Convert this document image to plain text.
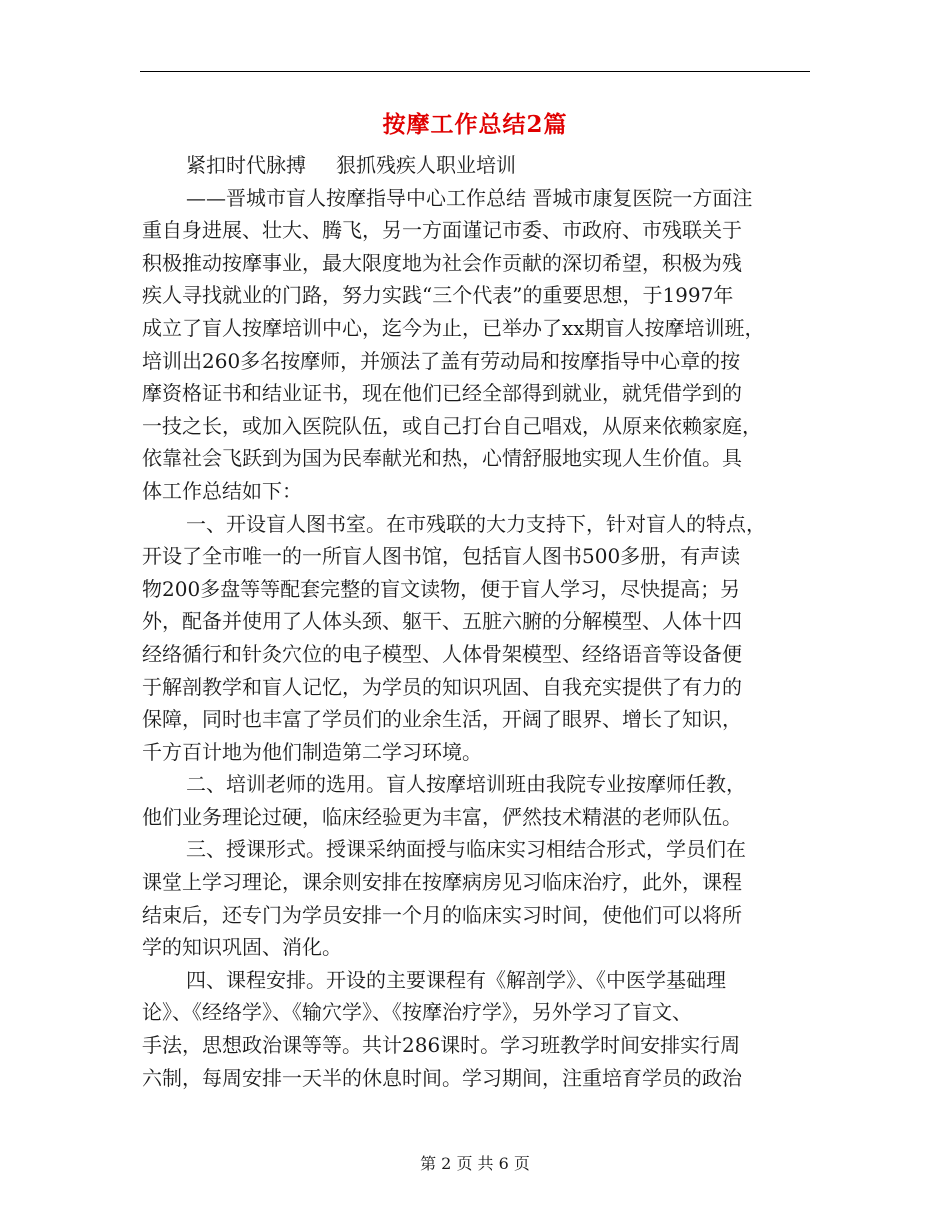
按摩工作总结2篇

紧扣时代脉搏 狠抓残疾人职业培训

——晋城市盲人按摩指导中心工作总结 晋城市康复医院一方面注

重自身进展、壮大、腾飞，另一方面谨记市委、市政府、市残联关于

积极推动按摩事业，最大限度地为社会作贡献的深切希望，积极为残

疾人寻找就业的门路，努力实践“三个代表”的重要思想，于1997年

成立了盲人按摩培训中心，迄今为止，已举办了xx期盲人按摩培训班，

培训出260多名按摩师，并颁法了盖有劳动局和按摩指导中心章的按

摩资格证书和结业证书，现在他们已经全部得到就业，就凭借学到的

一技之长，或加入医院队伍，或自己打台自己唱戏，从原来依赖家庭，

依靠社会飞跃到为国为民奉献光和热，心情舒服地实现人生价值。具

体工作总结如下：

一、开设盲人图书室。在市残联的大力支持下，针对盲人的特点，

开设了全市唯一的一所盲人图书馆，包括盲人图书500多册，有声读

物200多盘等等配套完整的盲文读物，便于盲人学习，尽快提高；另

外，配备并使用了人体头颈、躯干、五脏六腑的分解模型、人体十四

经络循行和针灸穴位的电子模型、人体骨架模型、经络语音等设备便

于解剖教学和盲人记忆，为学员的知识巩固、自我充实提供了有力的

保障，同时也丰富了学员们的业余生活，开阔了眼界、增长了知识，

千方百计地为他们制造第二学习环境。

二、培训老师的选用。盲人按摩培训班由我院专业按摩师任教，

他们业务理论过硬，临床经验更为丰富，俨然技术精湛的老师队伍。

三、授课形式。授课采纳面授与临床实习相结合形式，学员们在

课堂上学习理论，课余则安排在按摩病房见习临床治疗，此外，课程

结束后，还专门为学员安排一个月的临床实习时间，使他们可以将所

学的知识巩固、消化。

四、课程安排。开设的主要课程有《解剖学》、《中医学基础理

论》、《经络学》、《输穴学》、《按摩治疗学》，另外学习了盲文、

手法，思想政治课等等。共计286课时。学习班教学时间安排实行周

六制，每周安排一天半的休息时间。学习期间，注重培育学员的政治

第 2 页 共 6 页
